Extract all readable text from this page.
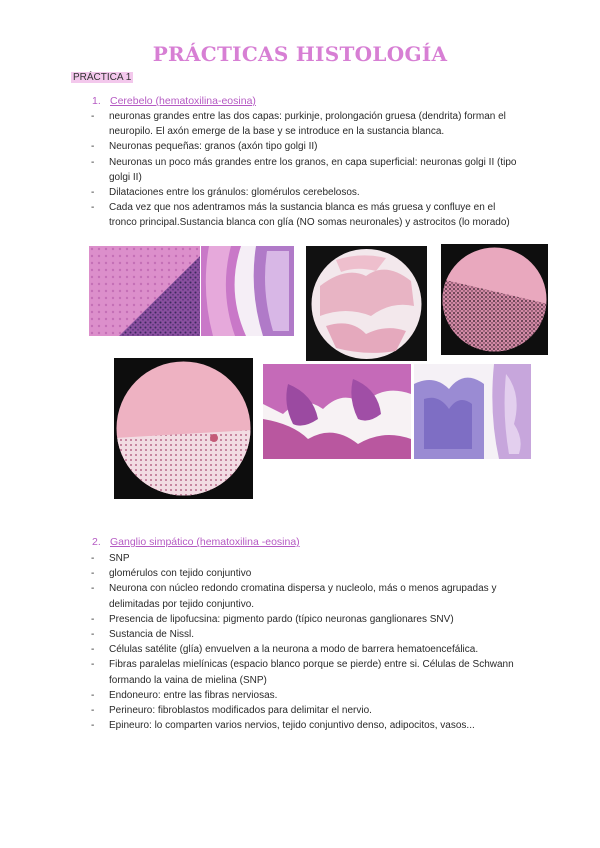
PRÁCTICAS HISTOLOGÍA
PRÁCTICA 1
1. Cerebelo (hematoxilina-eosina)
- neuronas grandes entre las dos capas: purkinje, prolongación gruesa (dendrita) forman el neuropilo. El axón emerge de la base y se introduce en la sustancia blanca.
- Neuronas pequeñas: granos (axón tipo golgi II)
- Neuronas un poco más grandes entre los granos, en capa superficial: neuronas golgi II (tipo golgi II)
- Dilataciones entre los gránulos: glomérulos cerebelosos.
- Cada vez que nos adentramos más la sustancia blanca es más gruesa y confluye en el tronco principal.Sustancia blanca con glía (NO somas neuronales) y astrocitos (lo morado)
2. Ganglio simpático (hematoxilina -eosina)
- SNP
- glomérulos con tejido conjuntivo
- Neurona con núcleo redondo cromatina dispersa y nucleolo, más o menos agrupadas y delimitadas por tejido conjuntivo.
- Presencia de lipofucsina: pigmento pardo (típico neuronas ganglionares SNV)
- Sustancia de Nissl.
- Células satélite (glía) envuelven a la neurona a modo de barrera hematoencefálica.
- Fibras paralelas mielínicas (espacio blanco porque se pierde) entre si. Células de Schwann formando la vaina de mielina (SNP)
- Endoneuro: entre las fibras nerviosas.
- Perineuro: fibroblastos modificados para delimitar el nervio.
- Epineuro: lo comparten varios nervios, tejido conjuntivo denso, adipocitos, vasos...
